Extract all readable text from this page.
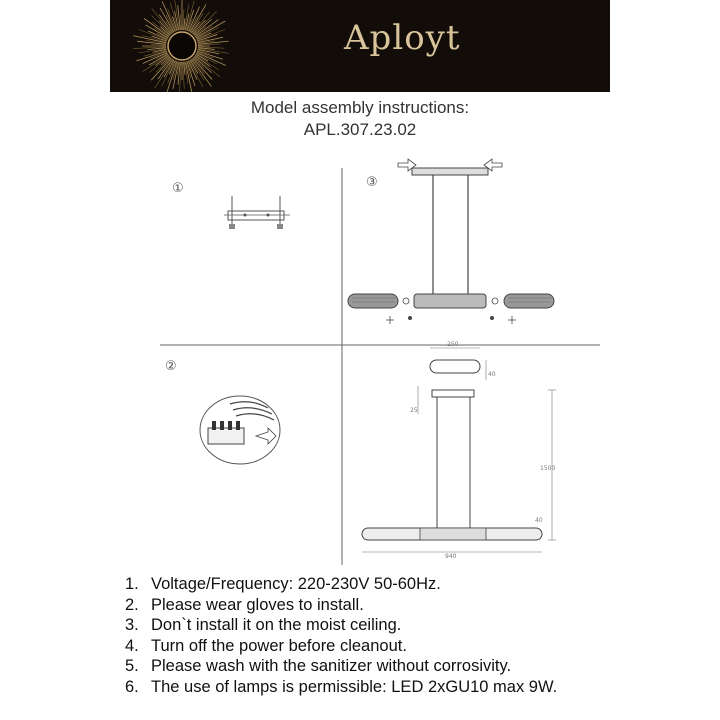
Aployt
Model assembly instructions:
APL.307.23.02
①
②
③
250
40
25
940
1500
40
1. Voltage/Frequency: 220-230V 50-60Hz.
2. Please wear gloves to install.
3. Don`t install it on the moist ceiling.
4. Turn off the power before cleanout.
5. Please wash with the sanitizer without corrosivity.
6. The use of lamps is permissible: LED 2xGU10 max 9W.
